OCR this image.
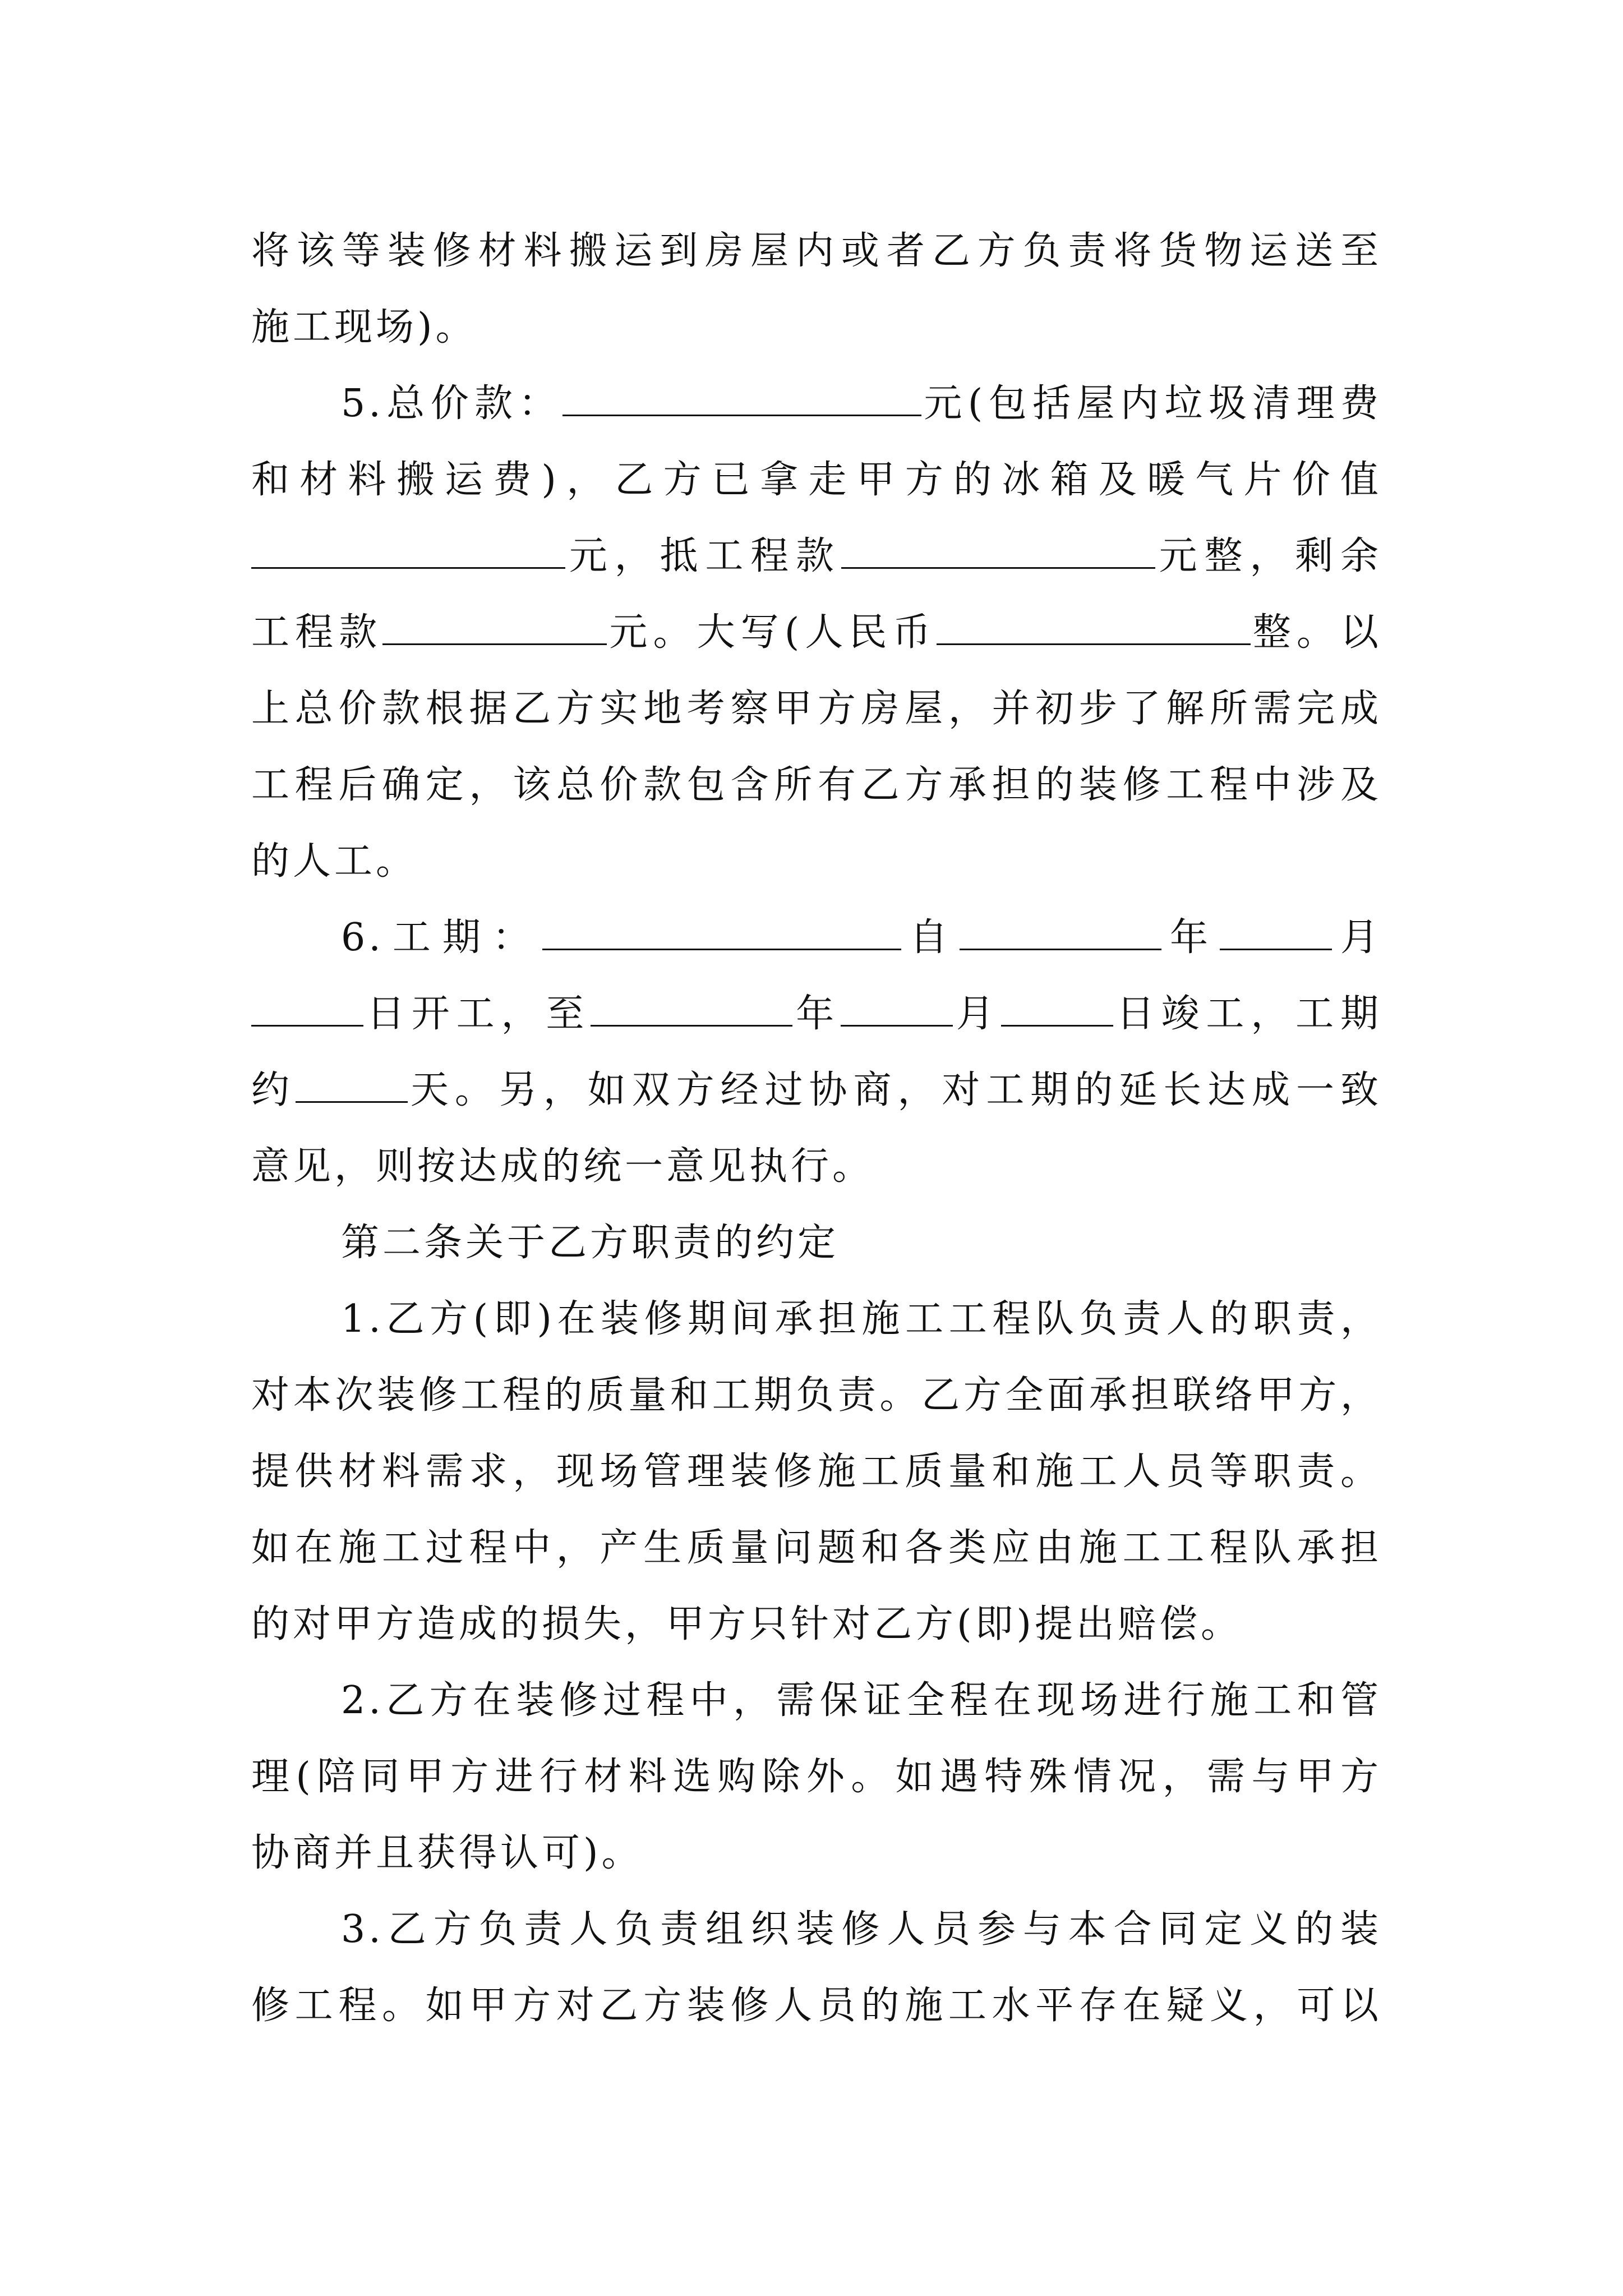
将该等装修材料搬运到房屋内或者乙方负责将货物运送至
施工现场)。
5.总价款：	元(包括屋内垃圾清理费
和材料搬运费)，乙方已拿走甲方的冰箱及暖气片价值
元，抵工程款	元整，剩余
工程款	元。大写(人民币	整。以
上总价款根据乙方实地考察甲方房屋，并初步了解所需完成
工程后确定，该总价款包含所有乙方承担的装修工程中涉及
的人工。
6.工期：	自	年	月
日开工，至	年	月	日竣工，工期
约	天。另，如双方经过协商，对工期的延长达成一致
意见，则按达成的统一意见执行。
第二条关于乙方职责的约定
1.乙方(即)在装修期间承担施工工程队负责人的职责，
对本次装修工程的质量和工期负责。乙方全面承担联络甲方，
提供材料需求，现场管理装修施工质量和施工人员等职责。
如在施工过程中，产生质量问题和各类应由施工工程队承担
的对甲方造成的损失，甲方只针对乙方(即)提出赔偿。
2.乙方在装修过程中，需保证全程在现场进行施工和管
理(陪同甲方进行材料选购除外。如遇特殊情况，需与甲方
协商并且获得认可)。
3.乙方负责人负责组织装修人员参与本合同定义的装
修工程。如甲方对乙方装修人员的施工水平存在疑义，可以
